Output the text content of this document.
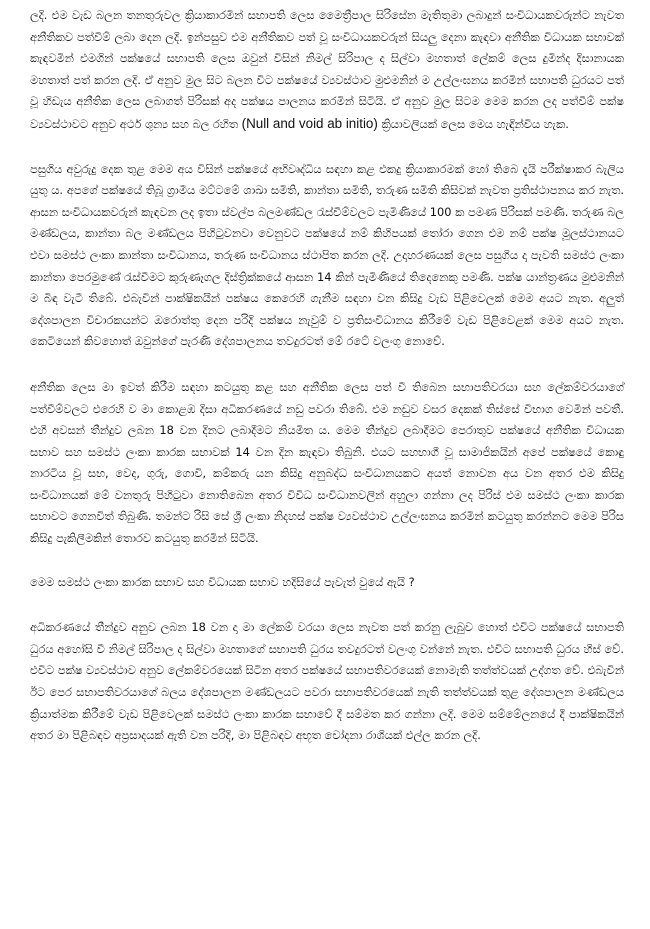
ලදි. එම වැඩ බලන තනතුරුවල ක්‍රියාකාරමින් සභාපති ලෙස මෛත්‍රීපාල සිරිසේන මැතිතුමා ලබාදුන් සංවිධායකවරුන්ට නැවත අනීතිකව පත්වීම් ලබා දෙන ලදි. ඉන්පසුව එම අනීතිකව පත් වූ සංවිධායකවරුන් සියලු දෙනා කැඳවා අනීතික විධායක සභාවක් කැඳවමින් එමගින් පක්ෂයේ සභාපති ලෙස ඔවුන් විසින් නිමල් සිරිපාල ද සිල්වා මහතාත් ලේකම් ලෙස දුමින්ද දිසානායක මහතාත් පත් කරන ලදි. ඒ අනුව මුල සිට බලන විට පක්ෂයේ ව්‍යවස්ථාව මුළුමනින් ම උල්ලංඝනය කරමින් සභාපති ධුරයට පත් වූ හිඩැය අනීතික ලෙස ලබාගත් පිරිසක් අද පක්ෂය පාලනය කරමින් සිටියි. ඒ අනුව මුල සිටම මෙම කරන ලද පත්වීම් පක්ෂ ව්‍යවස්ථාවට අනුව අර්ථ ශුන්‍ය සහ බල රහිත (Null and void ab initio) ක්‍රියාවලියක් ලෙස මෙය හැඳින්විය හැක.

පසුගිය අවුරුදු දෙක තුළ මෙම අය විසින් පක්ෂයේ අභිවෘද්ධිය සඳහා කළ එකදු ක්‍රියාකාරමක් හෝ තිබෙ දැයි පරීක්ෂාකර බැලිය යුතු ය. අපගේ පක්ෂයේ තිබූ ග්‍රාමීය මට්ටමේ ශාඛා සමිති, කාන්තා සමිති, තරුණ සමිති කිසිවක් නැවත ප්‍රතිස්ථාපනය කර නැත. ආසන සංවිධායකවරුන් කැඳවන ලද ඉතා ස්වල්ප බලමණ්ඩල රැස්වීම්වලට පැමිණියේ 100 ක පමණ පිරිසක් පමණි. තරුණ බල මණ්ඩලය, කාන්තා බල මණ්ඩලය පිහිටුවනවා වෙනුවට පක්ෂයේ නම් කිහිපයක් තෝරා ගෙන එම නම් පක්ෂ මූලස්ථානයට එවා සමස්ථ ලංකා කාන්තා සංවිධානය, තරුණ සංවිධානය ස්ථාපිත කරන ලදි. උදාහරණයක් ලෙස පසුගිය දා පැවති සමස්ථ ලංකා කාන්තා පෙරමුණේ රැස්වීමට කුරුණෑගල දිස්ත්‍රික්කයේ ආසන 14 කින් පැමිණියේ තිදෙනෙකු පමණි. පක්ෂ යාන්ත්‍රණය මුළුමනින් ම බිඳ වැටී තිබේ. එබැවින් පාක්ෂිකයින් පක්ෂය කෙරෙහි ගැනීම සඳහා වන කිසිදු වැඩ පිළිවෙලක් මෙම අයට නැත. අලුත් දේශපාලන විචාරකයන්ට ඔරොත්තු දෙන පරිදි පක්ෂය නැවුම් ව ප්‍රතිසංවිධානය කිරීමේ වැඩ පිළිවෙළක් මෙම අයට නැත. කෙටියෙන් කිවහොත් ඔවුන්ගේ පැරණි දේශපාලනය තවදුරටත් මේ රටේ වලංගු නොවේ.

අනීතික ලෙස මා ඉවත් කිරීම සඳහා කටයුතු කළ සහ අනීතික ලෙස පත් වී තිබෙන සභාපතිවරයා සහ ලේකම්වරයාගේ පත්වීම්වලට එරෙහි ව මා කොළඹ දිසා අධිකරණයේ නඩු පවරා තිබේ. එම නඩුව වසර දෙකක් තිස්සේ විභාග වෙමින් පවතී. එහි අවසන් තීන්දුව ලබන 18 වන දිනට ලබාදීමට නියමිත ය. මෙම තීන්දුව ලබාදීමට පෙරාතුව පක්ෂයේ අනීතික විධායක සභාව සහ සමස්ථ ලංකා කාරක සභාවක් 14 වන දින කැඳවා තිබුනි. එයට සහභාගී වූ සාමාජිකයින් අපේ පක්ෂයේ කොඳු නාරටිය වූ සභ, වෙද, ගුරු, ගොවි, කම්කරු යන කිසිදු අනුබද්ධ සංවිධානයකට අයත් නොවන අය වන අතර එම කිසිදු සංවිධානයක් මේ වනතුරු පිහිටුවා නොතිබෙන අතර විවිධ සංවිධානවලින් අහුලා ගන්නා ලද පිරිස් එම සමස්ථ ලංකා කාරක සභාවට ගෙනවිත් තිබුණි. තමන්ට රිසි සේ ශ්‍රී ලංකා නිදහස් පක්ෂ ව්‍යවස්ථාව උල්ලංඝනය කරමින් කටයුතු කරන්නට මෙම පිරිස කිසිදු පැකිලීමකින් තොරව කටයුතු කරමින් සිටියි.

මෙම සමස්ථ ලංකා කාරක සභාව සහ විධායක සභාව හදිසියේ පැවැත් වුයේ ඇයි ?

අධිකරණයේ තීන්දුව අනුව ලබන 18 වන දා මා ලේකම් වරයා ලෙස නැවත පත් කරනු ලැබුව හොත් එවිට පක්ෂයේ සභාපති ධුරය අහෝසි වී නිමල් සිරිපාල ද සිල්වා මහතාගේ සභාපති ධුරය තවදුරටත් වලංගු වන්නේ නැත. එවිට සභාපති ධුරය හිස් වේ. එවිට පක්ෂ ව්‍යවස්ථාව අනුව ලේකම්වරයෙක් සිටින අතර පක්ෂයේ සභාපතිවරයෙක් නොමැති තත්ත්වයක් උද්ගත වේ. එබැවින් ඊට පෙර සභාපතිවරයාගේ බලය දේශපාලන මණ්ඩලයට පවරා සභාපතිවරයෙක් නැති තත්ත්වයක් තුළ දේශපාලන මණ්ඩලය ක්‍රියාත්මක කිරීමේ වැඩ පිළිවෙලක් සමස්ථ ලංකා කාරක සභාවේ දී සම්මත කර ගන්නා ලදි. මෙම සම්මේලනයේ දී පාක්ෂිකයින් අතර මා පිළිබඳව අප්‍රසාදයක් ඇති වන පරිදි, මා පිළිබඳව අභූත චෝදනා රාශියක් එල්ල කරන ලදි.
